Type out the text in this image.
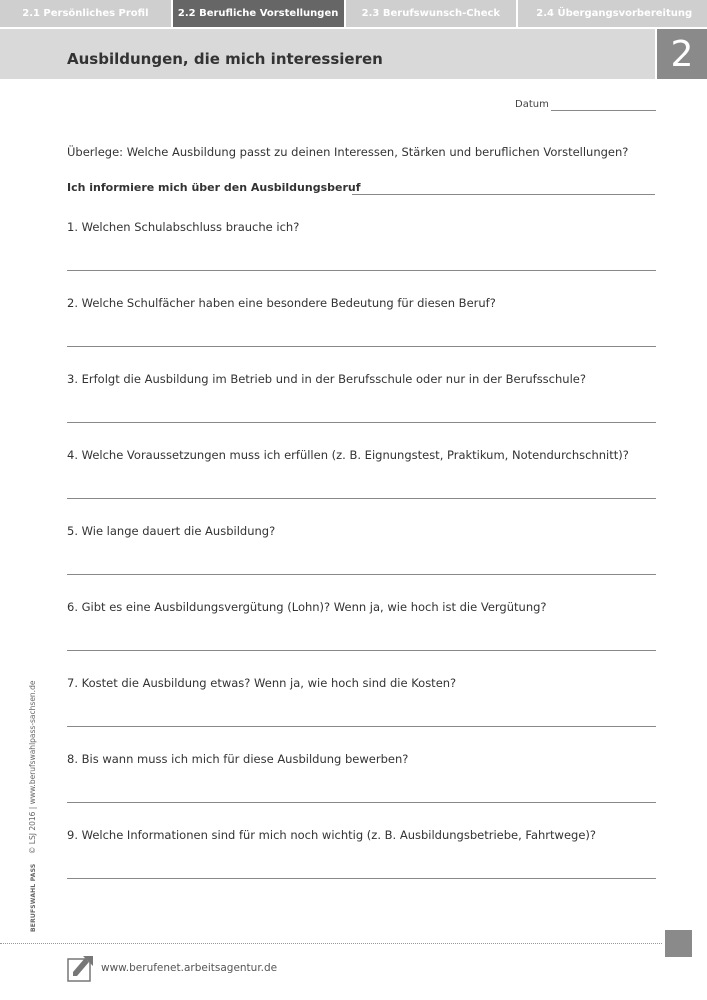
2.1 Persönliches Profil	2.2 Berufliche Vorstellungen	2.3 Berufswunsch-Check	2.4 Übergangsvorbereitung
Ausbildungen, die mich interessieren	2
Datum
Überlege: Welche Ausbildung passt zu deinen Interessen, Stärken und beruflichen Vorstellungen?
Ich informiere mich über den Ausbildungsberuf
1. Welchen Schulabschluss brauche ich?
2. Welche Schulfächer haben eine besondere Bedeutung für diesen Beruf?
3. Erfolgt die Ausbildung im Betrieb und in der Berufsschule oder nur in der Berufsschule?
4. Welche Voraussetzungen muss ich erfüllen (z. B. Eignungstest, Praktikum, Notendurchschnitt)?
5. Wie lange dauert die Ausbildung?
6. Gibt es eine Ausbildungsvergütung (Lohn)? Wenn ja, wie hoch ist die Vergütung?
7. Kostet die Ausbildung etwas? Wenn ja, wie hoch sind die Kosten?
8. Bis wann muss ich mich für diese Ausbildung bewerben?
9. Welche Informationen sind für mich noch wichtig (z. B. Ausbildungsbetriebe, Fahrtwege)?
BERUFSWAHL PASS    © LSJ 2016 | www.berufswahlpass-sachsen.de
www.berufenet.arbeitsagentur.de
